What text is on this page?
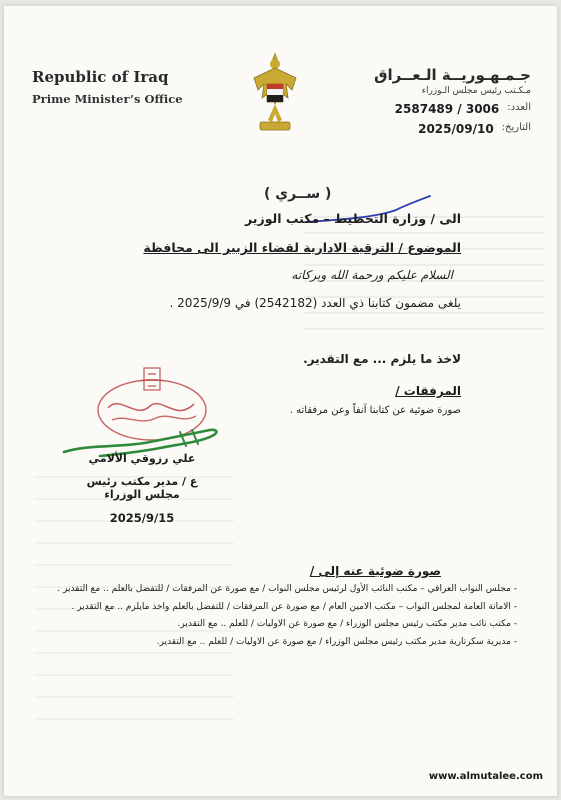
Republic of Iraq
Prime Minister’s Office
جـمـهـوريــة الـعــراق
مـكـتب رئيس مجلس الـوزراء
العدد:
2587489 / 3006
التاريخ:
2025/09/10
( ســري )
الى / وزارة التخطيط – مكتب الوزير
الموضوع / الترقية الادارية لقضاء الزبير الى محافظة
السلام عليكم ورحمة الله وبركاته
يلغى مضمون كتابنا ذي العدد (2542182) في 2025/9/9 .
لاخذ ما يلزم ... مع التقدير.
المرفقات /
صورة ضوئية عن كتابنا آنفاً وعن مرفقاته .
علي رزوقي الألامي
ع / مدير مكتب رئيس مجلس الوزراء
2025/9/15
صورة ضوئية عنه إلى /
- مجلس النواب العراقي – مكتب النائب الأول لرئيس مجلس النواب / مع صورة عن المرفقات / للتفضل بالعلم .. مع التقدير .
- الامانة العامة لمجلس النواب – مكتب الامين العام / مع صورة عن المرفقات / للتفضل بالعلم واخذ مايلزم .. مع التقدير .
- مكتب نائب مدير مكتب رئيس مجلس الوزراء / مع صورة عن الاوليات / للعلم .. مع التقدير.
- مديرية سكرتارية مدير مكتب رئيس مجلس الوزراء / مع صورة عن الاوليات / للعلم .. مع التقدير.
www.almutalee.com
